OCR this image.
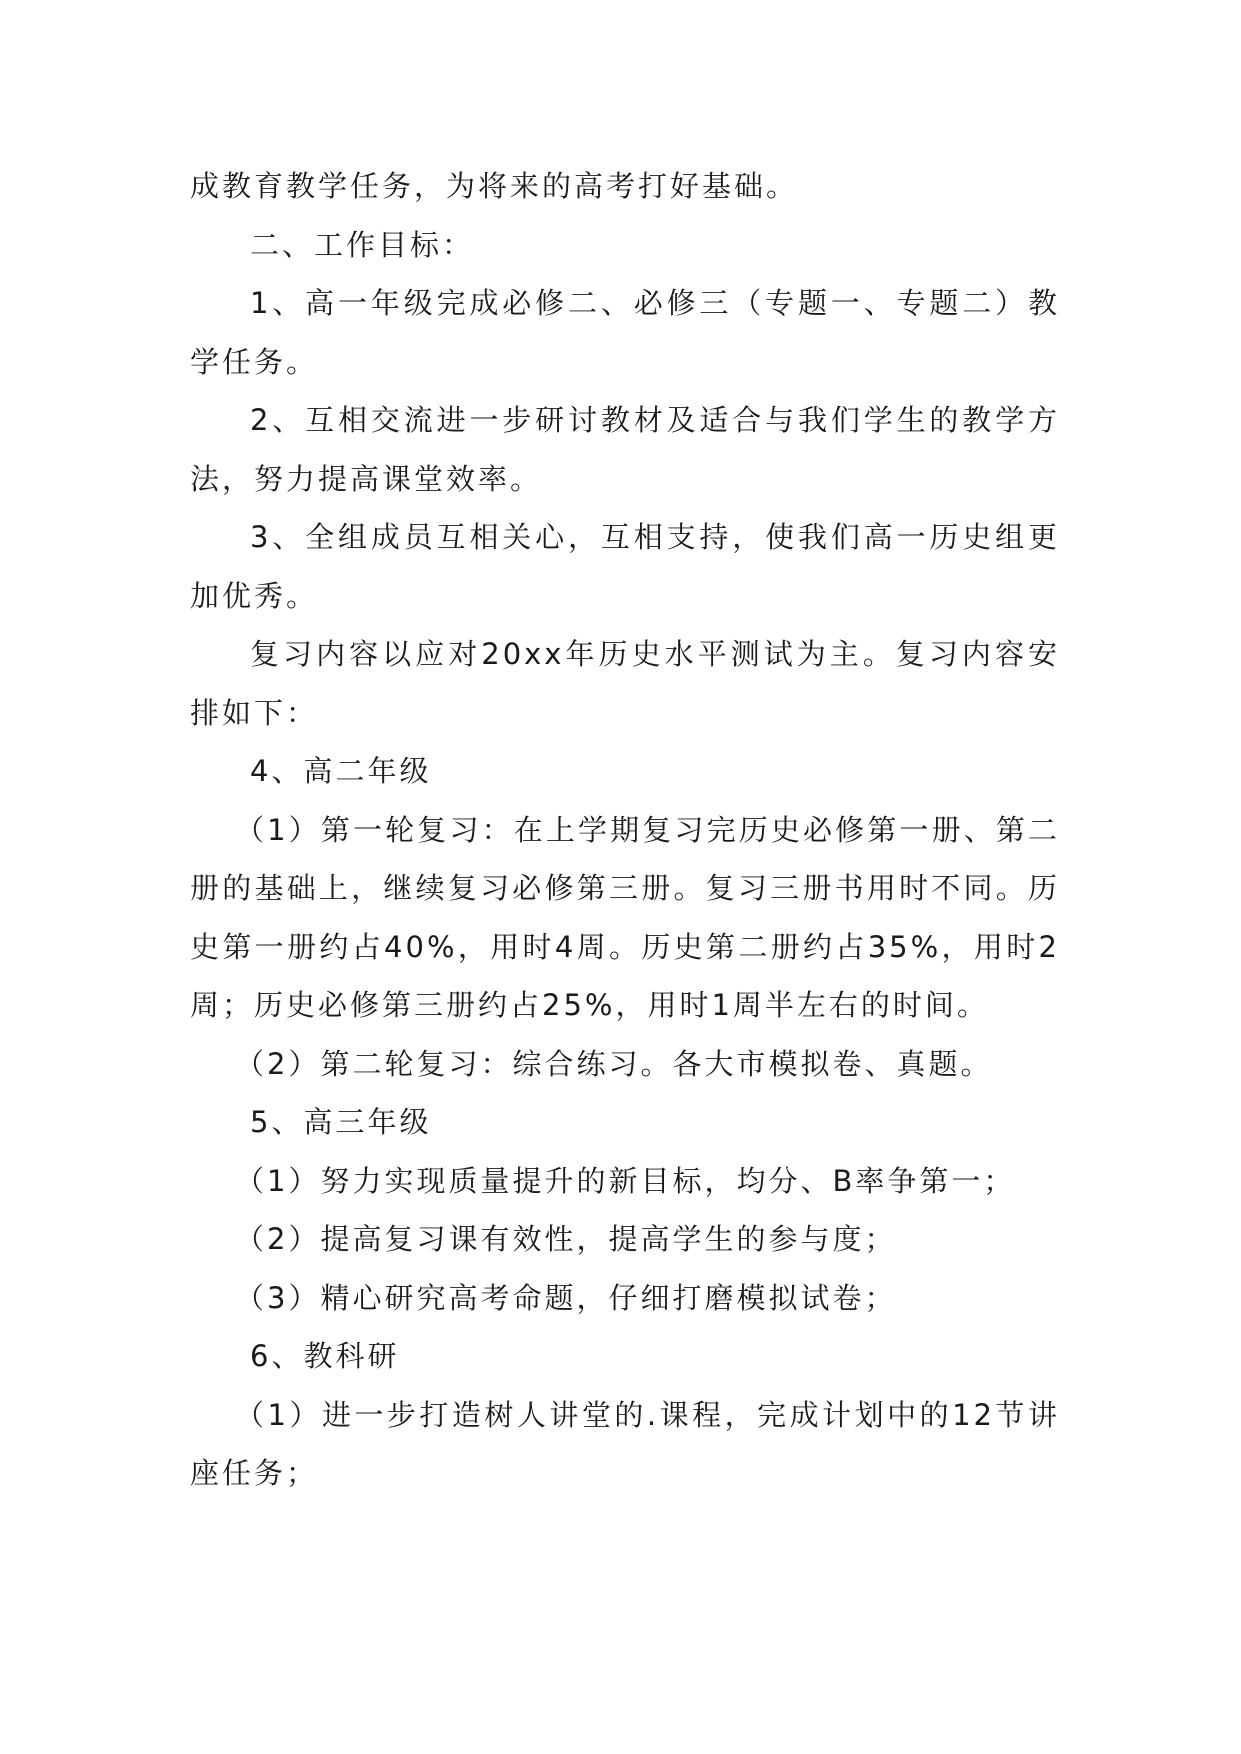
成教育教学任务，为将来的高考打好基础。

二、工作目标：

1、高一年级完成必修二、必修三（专题一、专题二）教学任务。

2、互相交流进一步研讨教材及适合与我们学生的教学方法，努力提高课堂效率。

3、全组成员互相关心，互相支持，使我们高一历史组更加优秀。

复习内容以应对20xx年历史水平测试为主。复习内容安排如下：

4、高二年级

（1）第一轮复习：在上学期复习完历史必修第一册、第二册的基础上，继续复习必修第三册。复习三册书用时不同。历史第一册约占40%，用时4周。历史第二册约占35%，用时2周；历史必修第三册约占25%，用时1周半左右的时间。

（2）第二轮复习：综合练习。各大市模拟卷、真题。

5、高三年级

（1）努力实现质量提升的新目标，均分、B率争第一；

（2）提高复习课有效性，提高学生的参与度；

（3）精心研究高考命题，仔细打磨模拟试卷；

6、教科研

（1）进一步打造树人讲堂的.课程，完成计划中的12节讲座任务；
